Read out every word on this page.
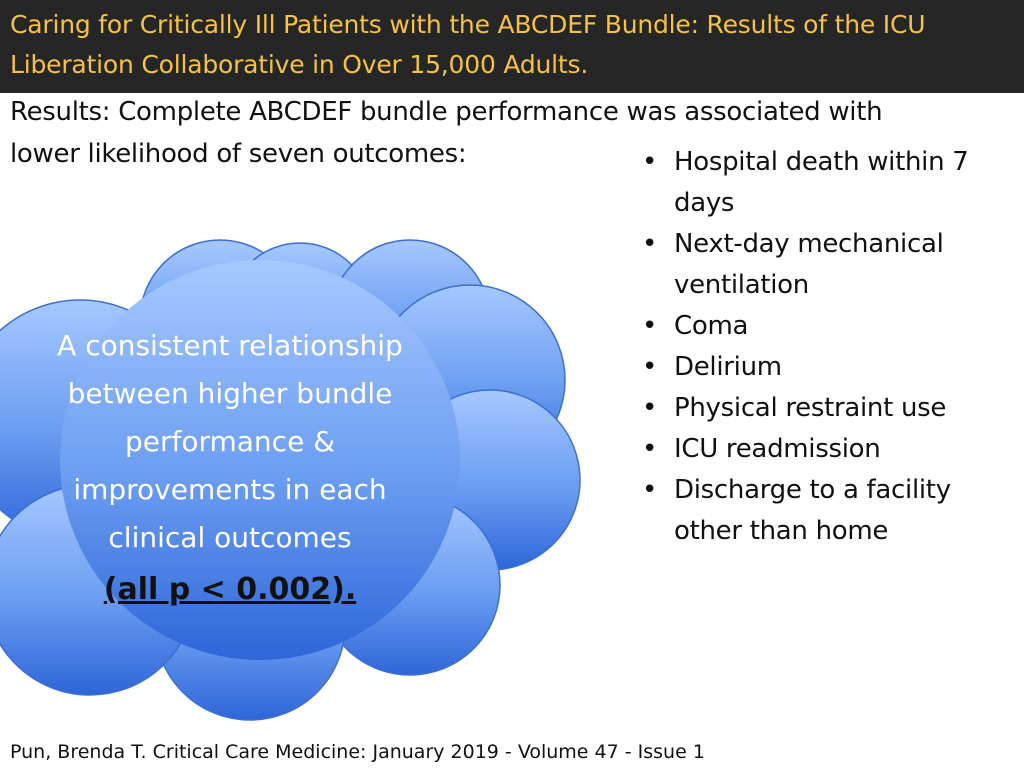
Caring for Critically Ill Patients with the ABCDEF Bundle: Results of the ICU
Liberation Collaborative in Over 15,000 Adults.
Results: Complete ABCDEF bundle performance was associated with
lower likelihood of seven outcomes:
A consistent relationship
between higher bundle
performance &
improvements in each
clinical outcomes
(all p < 0.002).
• Hospital death within 7 days
• Next-day mechanical ventilation
• Coma
• Delirium
• Physical restraint use
• ICU readmission
• Discharge to a facility other than home
Pun, Brenda T. Critical Care Medicine: January 2019 - Volume 47 - Issue 1
